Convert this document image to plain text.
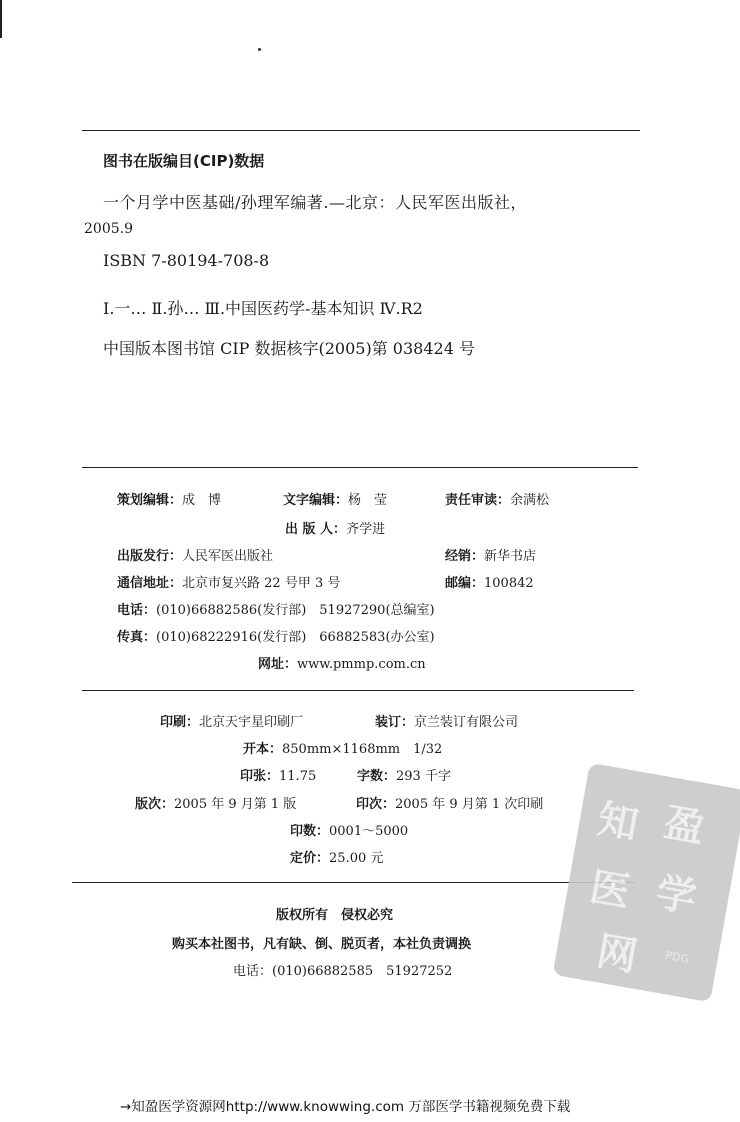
图书在版编目(CIP)数据
一个月学中医基础/孙理军编著.—北京：人民军医出版社，
2005.9
ISBN 7-80194-708-8
Ⅰ.一… Ⅱ.孙… Ⅲ.中国医药学-基本知识 Ⅳ.R2
中国版本图书馆 CIP 数据核字(2005)第 038424 号
策划编辑：成　博	文字编辑：杨　莹	责任审读：余满松
出 版 人：齐学进
出版发行：人民军医出版社	经销：新华书店
通信地址：北京市复兴路 22 号甲 3 号	邮编：100842
电话：(010)66882586(发行部)　51927290(总编室)
传真：(010)68222916(发行部)　66882583(办公室)
网址：www.pmmp.com.cn
印刷：北京天宇星印刷厂	装订：京兰装订有限公司
开本：850mm×1168mm　1/32
印张：11.75	字数：293 千字
版次：2005 年 9 月第 1 版	印次：2005 年 9 月第 1 次印刷
印数：0001～5000
定价：25.00 元
版权所有　侵权必究
购买本社图书，凡有缺、倒、脱页者，本社负责调换
电话：(010)66882585　51927252
知 盈
医 学
网 PDG
→知盈医学资源网http://www.knowwing.com 万部医学书籍视频免费下载
